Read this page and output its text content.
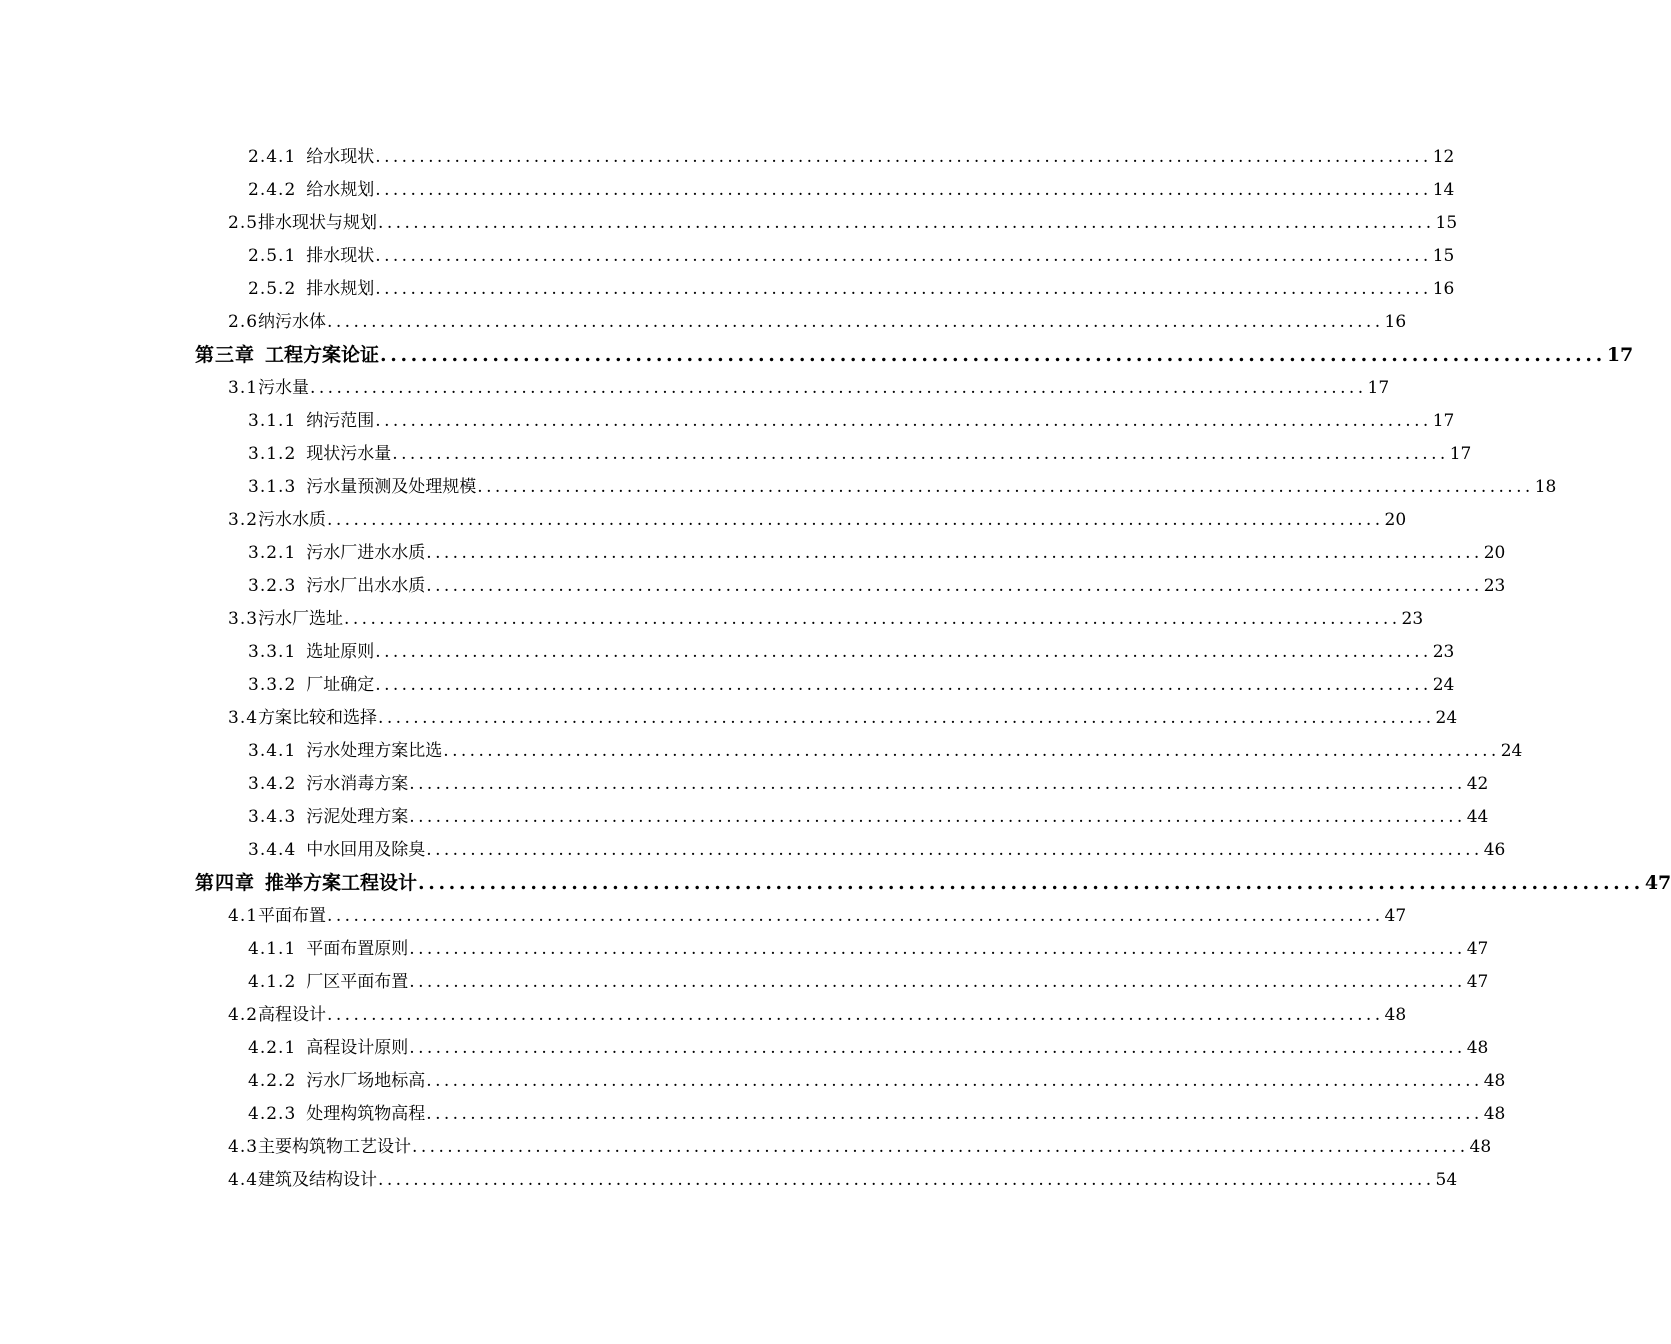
2.4.1 给水现状 ........................................................................................................................ 12
2.4.2 给水规划 ........................................................................................................................ 14
2.5排水现状与规划 ........................................................................................................................ 15
2.5.1 排水现状 ........................................................................................................................ 15
2.5.2 排水规划 ........................................................................................................................ 16
2.6纳污水体 ........................................................................................................................ 16
第三章 工程方案论证 ........................................................................................................................ 17
3.1污水量 ........................................................................................................................ 17
3.1.1 纳污范围 ........................................................................................................................ 17
3.1.2 现状污水量 ........................................................................................................................ 17
3.1.3 污水量预测及处理规模 ........................................................................................................................ 18
3.2污水水质 ........................................................................................................................ 20
3.2.1 污水厂进水水质 ........................................................................................................................ 20
3.2.3 污水厂出水水质 ........................................................................................................................ 23
3.3污水厂选址 ........................................................................................................................ 23
3.3.1 选址原则 ........................................................................................................................ 23
3.3.2 厂址确定 ........................................................................................................................ 24
3.4方案比较和选择 ........................................................................................................................ 24
3.4.1 污水处理方案比选 ........................................................................................................................ 24
3.4.2 污水消毒方案 ........................................................................................................................ 42
3.4.3 污泥处理方案 ........................................................................................................................ 44
3.4.4 中水回用及除臭 ........................................................................................................................ 46
第四章 推举方案工程设计 ........................................................................................................................ 47
4.1平面布置 ........................................................................................................................ 47
4.1.1 平面布置原则 ........................................................................................................................ 47
4.1.2 厂区平面布置 ........................................................................................................................ 47
4.2高程设计 ........................................................................................................................ 48
4.2.1 高程设计原则 ........................................................................................................................ 48
4.2.2 污水厂场地标高 ........................................................................................................................ 48
4.2.3 处理构筑物高程 ........................................................................................................................ 48
4.3主要构筑物工艺设计 ........................................................................................................................ 48
4.4建筑及结构设计 ........................................................................................................................ 54
